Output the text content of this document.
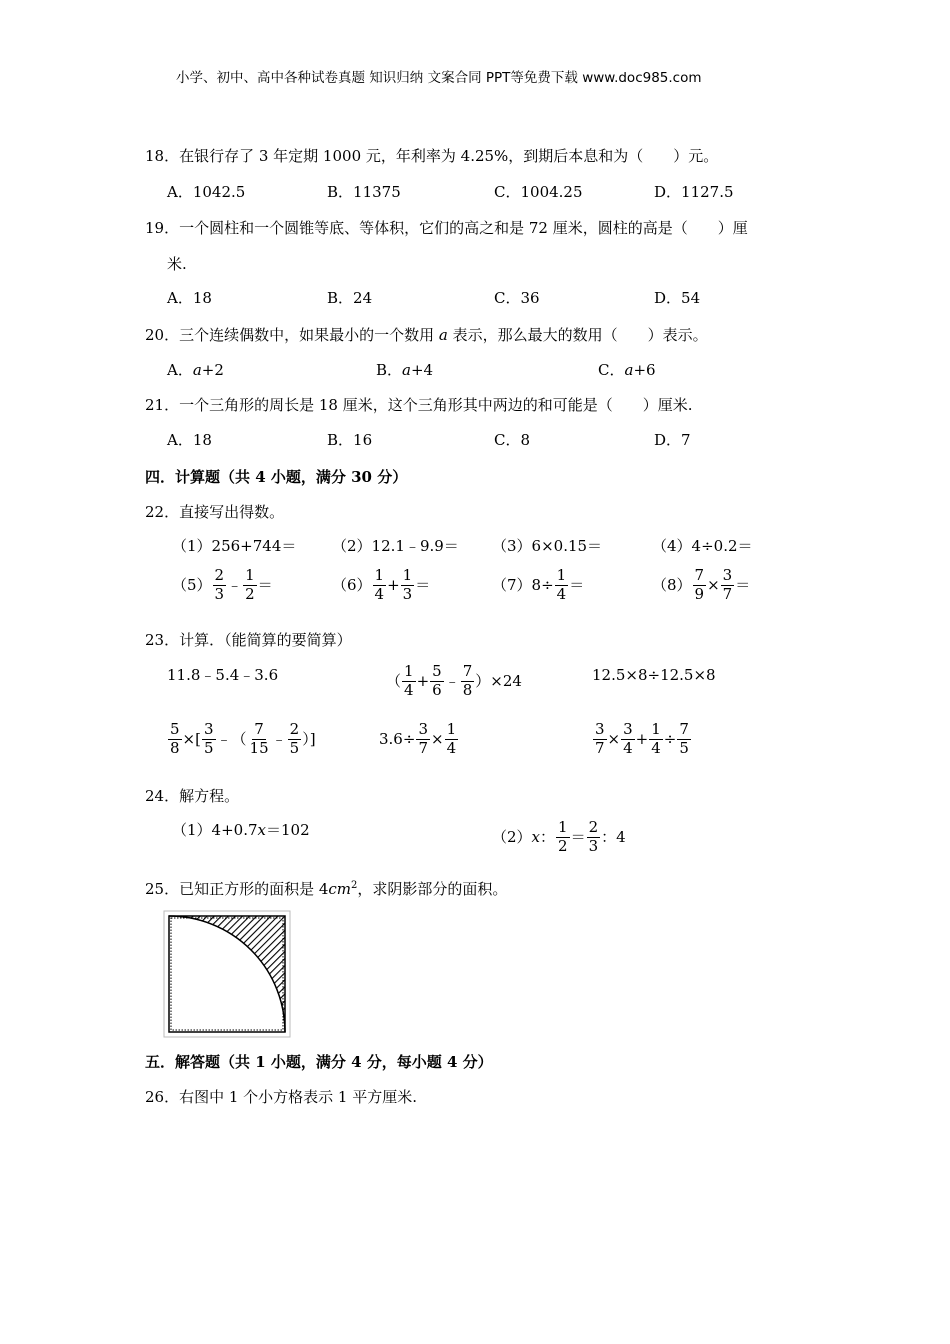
小学、初中、高中各种试卷真题 知识归纳 文案合同 PPT等免费下载 www.doc985.com
18．在银行存了 3 年定期 1000 元，年利率为 4.25%，到期后本息和为（　　）元。
A．1042.5	B．11375	C．1004.25	D．1127.5
19．一个圆柱和一个圆锥等底、等体积，它们的高之和是 72 厘米，圆柱的高是（　　）厘
米.
A．18	B．24	C．36	D．54
20．三个连续偶数中，如果最小的一个数用 a 表示，那么最大的数用（　　）表示。
A．a+2	B．a+4	C．a+6
21．一个三角形的周长是 18 厘米，这个三角形其中两边的和可能是（　　）厘米.
A．18	B．16	C．8	D．7
四．计算题（共 4 小题，满分 30 分）
22．直接写出得数。
（1）256+744＝ （2）12.1﹣9.9＝ （3）6×0.15＝	（4）4÷0.2＝
$(5) \frac{2}{3}$ ﹣ $\frac{1}{2}$ ＝	$(6) \frac{1}{4} + \frac{1}{3}$ ＝	（7） $8\div \frac{1}{4}$ ＝	$(8) \frac{7}{9} \times \frac{3}{7}$ ＝
23．计算．（能简算的要简算）
11.8﹣5.4﹣3.6	（ $\frac{1}{4} + \frac{5}{6}$ ﹣ $\frac{7}{8} )\times 24$	12.5×8÷12.5×8
$\frac{5}{8}$ ×[ $\frac{3}{5}$ ﹣（ $\frac{7}{15}$ ﹣ $\frac{2}{5}$ ）]	$3.6\div \frac{3}{7} \times \frac{1}{4}$	$\frac{3}{7} \times \frac{3}{4} + \frac{1}{4} \div \frac{7}{5}$
24．解方程。
（1）4+0.7x＝102	（2） x ： $\frac{1}{2} = \frac{2}{3}$ ：4
25．已知正方形的面积是 $4cm^2$，求阴影部分的面积。
五．解答题（共 1 小题，满分 4 分，每小题 4 分）
26．右图中 1 个小方格表示 1 平方厘米.
